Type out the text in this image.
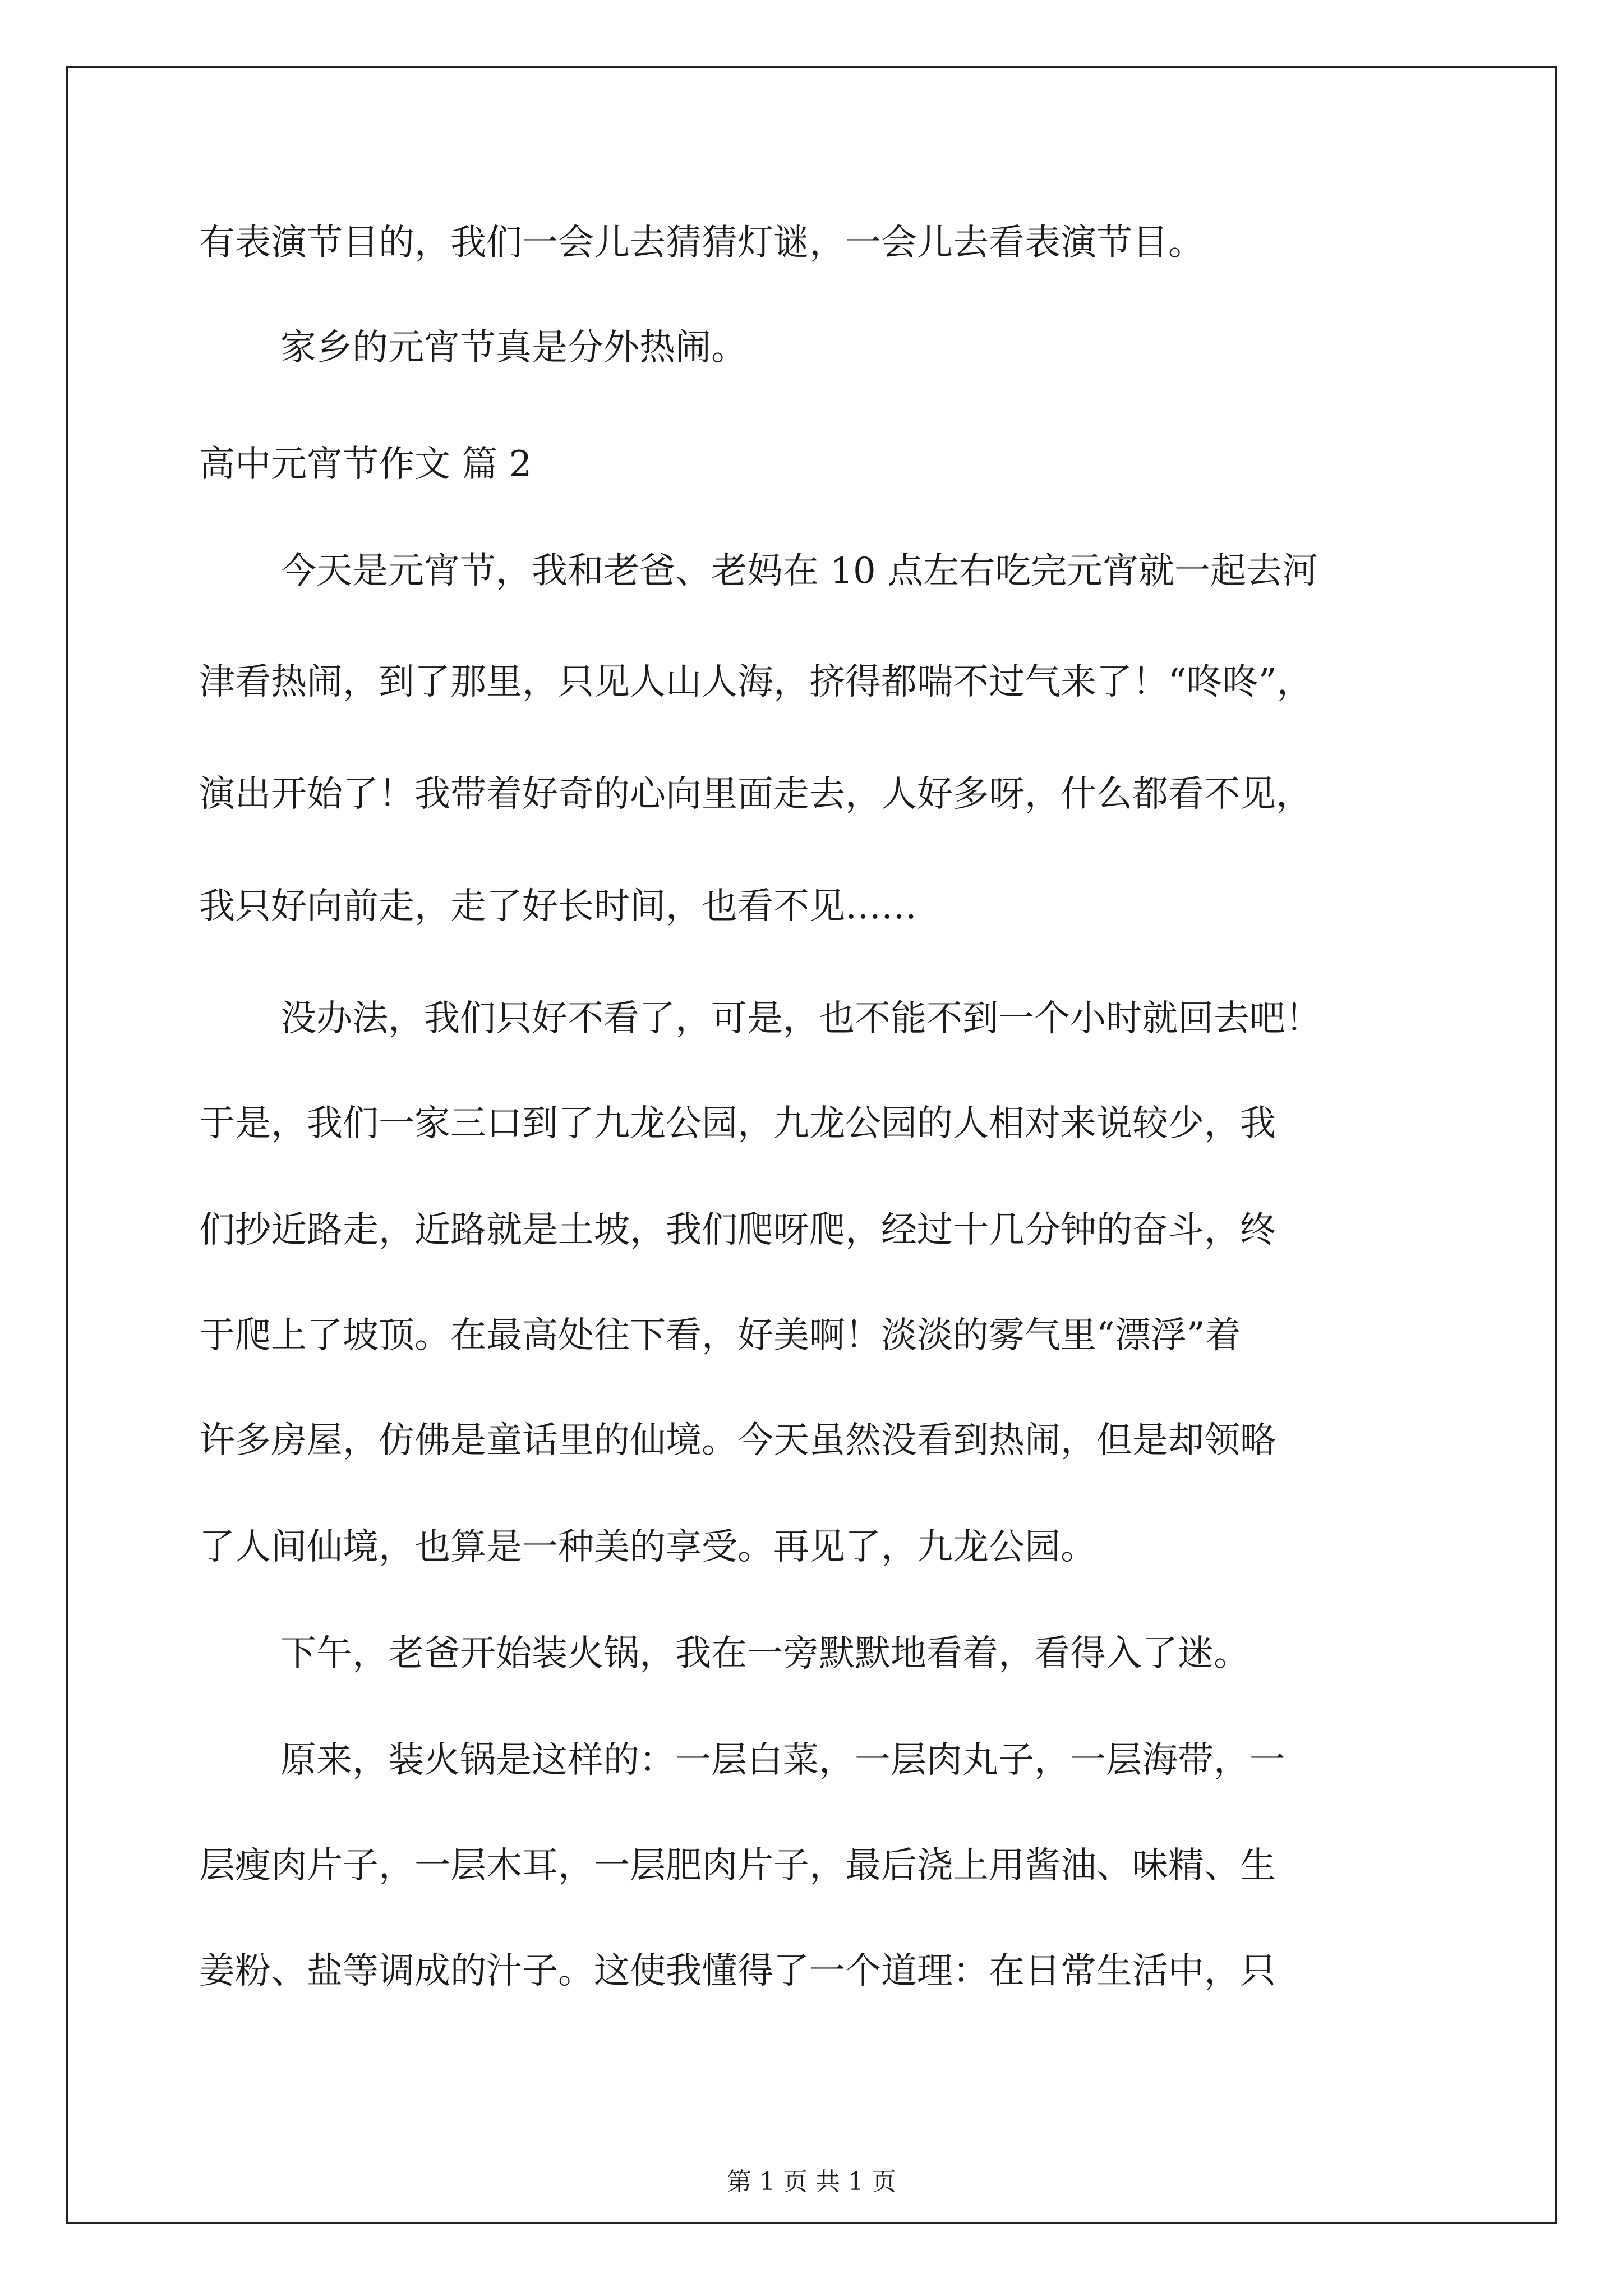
有表演节目的，我们一会儿去猜猜灯谜，一会儿去看表演节目。
家乡的元宵节真是分外热闹。
高中元宵节作文 篇 2
今天是元宵节，我和老爸、老妈在 10 点左右吃完元宵就一起去河
津看热闹，到了那里，只见人山人海，挤得都喘不过气来了！“咚咚”，
演出开始了！我带着好奇的心向里面走去，人好多呀，什么都看不见，
我只好向前走，走了好长时间，也看不见……
没办法，我们只好不看了，可是，也不能不到一个小时就回去吧！
于是，我们一家三口到了九龙公园，九龙公园的人相对来说较少，我
们抄近路走，近路就是土坡，我们爬呀爬，经过十几分钟的奋斗，终
于爬上了坡顶。在最高处往下看，好美啊！淡淡的雾气里“漂浮”着
许多房屋，仿佛是童话里的仙境。今天虽然没看到热闹，但是却领略
了人间仙境，也算是一种美的享受。再见了，九龙公园。
下午，老爸开始装火锅，我在一旁默默地看着，看得入了迷。
原来，装火锅是这样的：一层白菜，一层肉丸子，一层海带，一
层瘦肉片子，一层木耳，一层肥肉片子，最后浇上用酱油、味精、生
姜粉、盐等调成的汁子。这使我懂得了一个道理：在日常生活中，只
第 1 页 共 1 页
